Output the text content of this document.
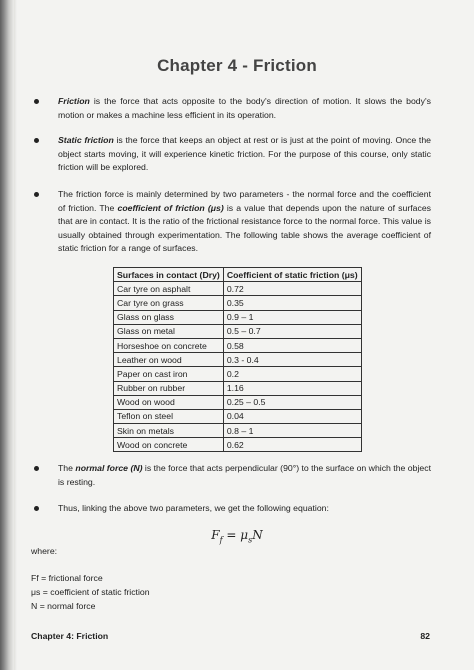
Chapter 4 - Friction
Friction is the force that acts opposite to the body's direction of motion. It slows the body's motion or makes a machine less efficient in its operation.
Static friction is the force that keeps an object at rest or is just at the point of moving. Once the object starts moving, it will experience kinetic friction. For the purpose of this course, only static friction will be explored.
The friction force is mainly determined by two parameters - the normal force and the coefficient of friction. The coefficient of friction (μs) is a value that depends upon the nature of surfaces that are in contact. It is the ratio of the frictional resistance force to the normal force. This value is usually obtained through experimentation. The following table shows the average coefficient of static friction for a range of surfaces.
Surfaces in contact (Dry)	Coefficient of static friction (μs)
Car tyre on asphalt	0.72
Car tyre on grass	0.35
Glass on glass	0.9 – 1
Glass on metal	0.5 – 0.7
Horseshoe on concrete	0.58
Leather on wood	0.3 - 0.4
Paper on cast iron	0.2
Rubber on rubber	1.16
Wood on wood	0.25 – 0.5
Teflon on steel	0.04
Skin on metals	0.8 – 1
Wood on concrete	0.62
The normal force (N) is the force that acts perpendicular (90°) to the surface on which the object is resting.
Thus, linking the above two parameters, we get the following equation:
$F_f = \mu_sN$
where:
Ff = frictional force
μs = coefficient of static friction
N = normal force
Chapter 4: Friction	82
